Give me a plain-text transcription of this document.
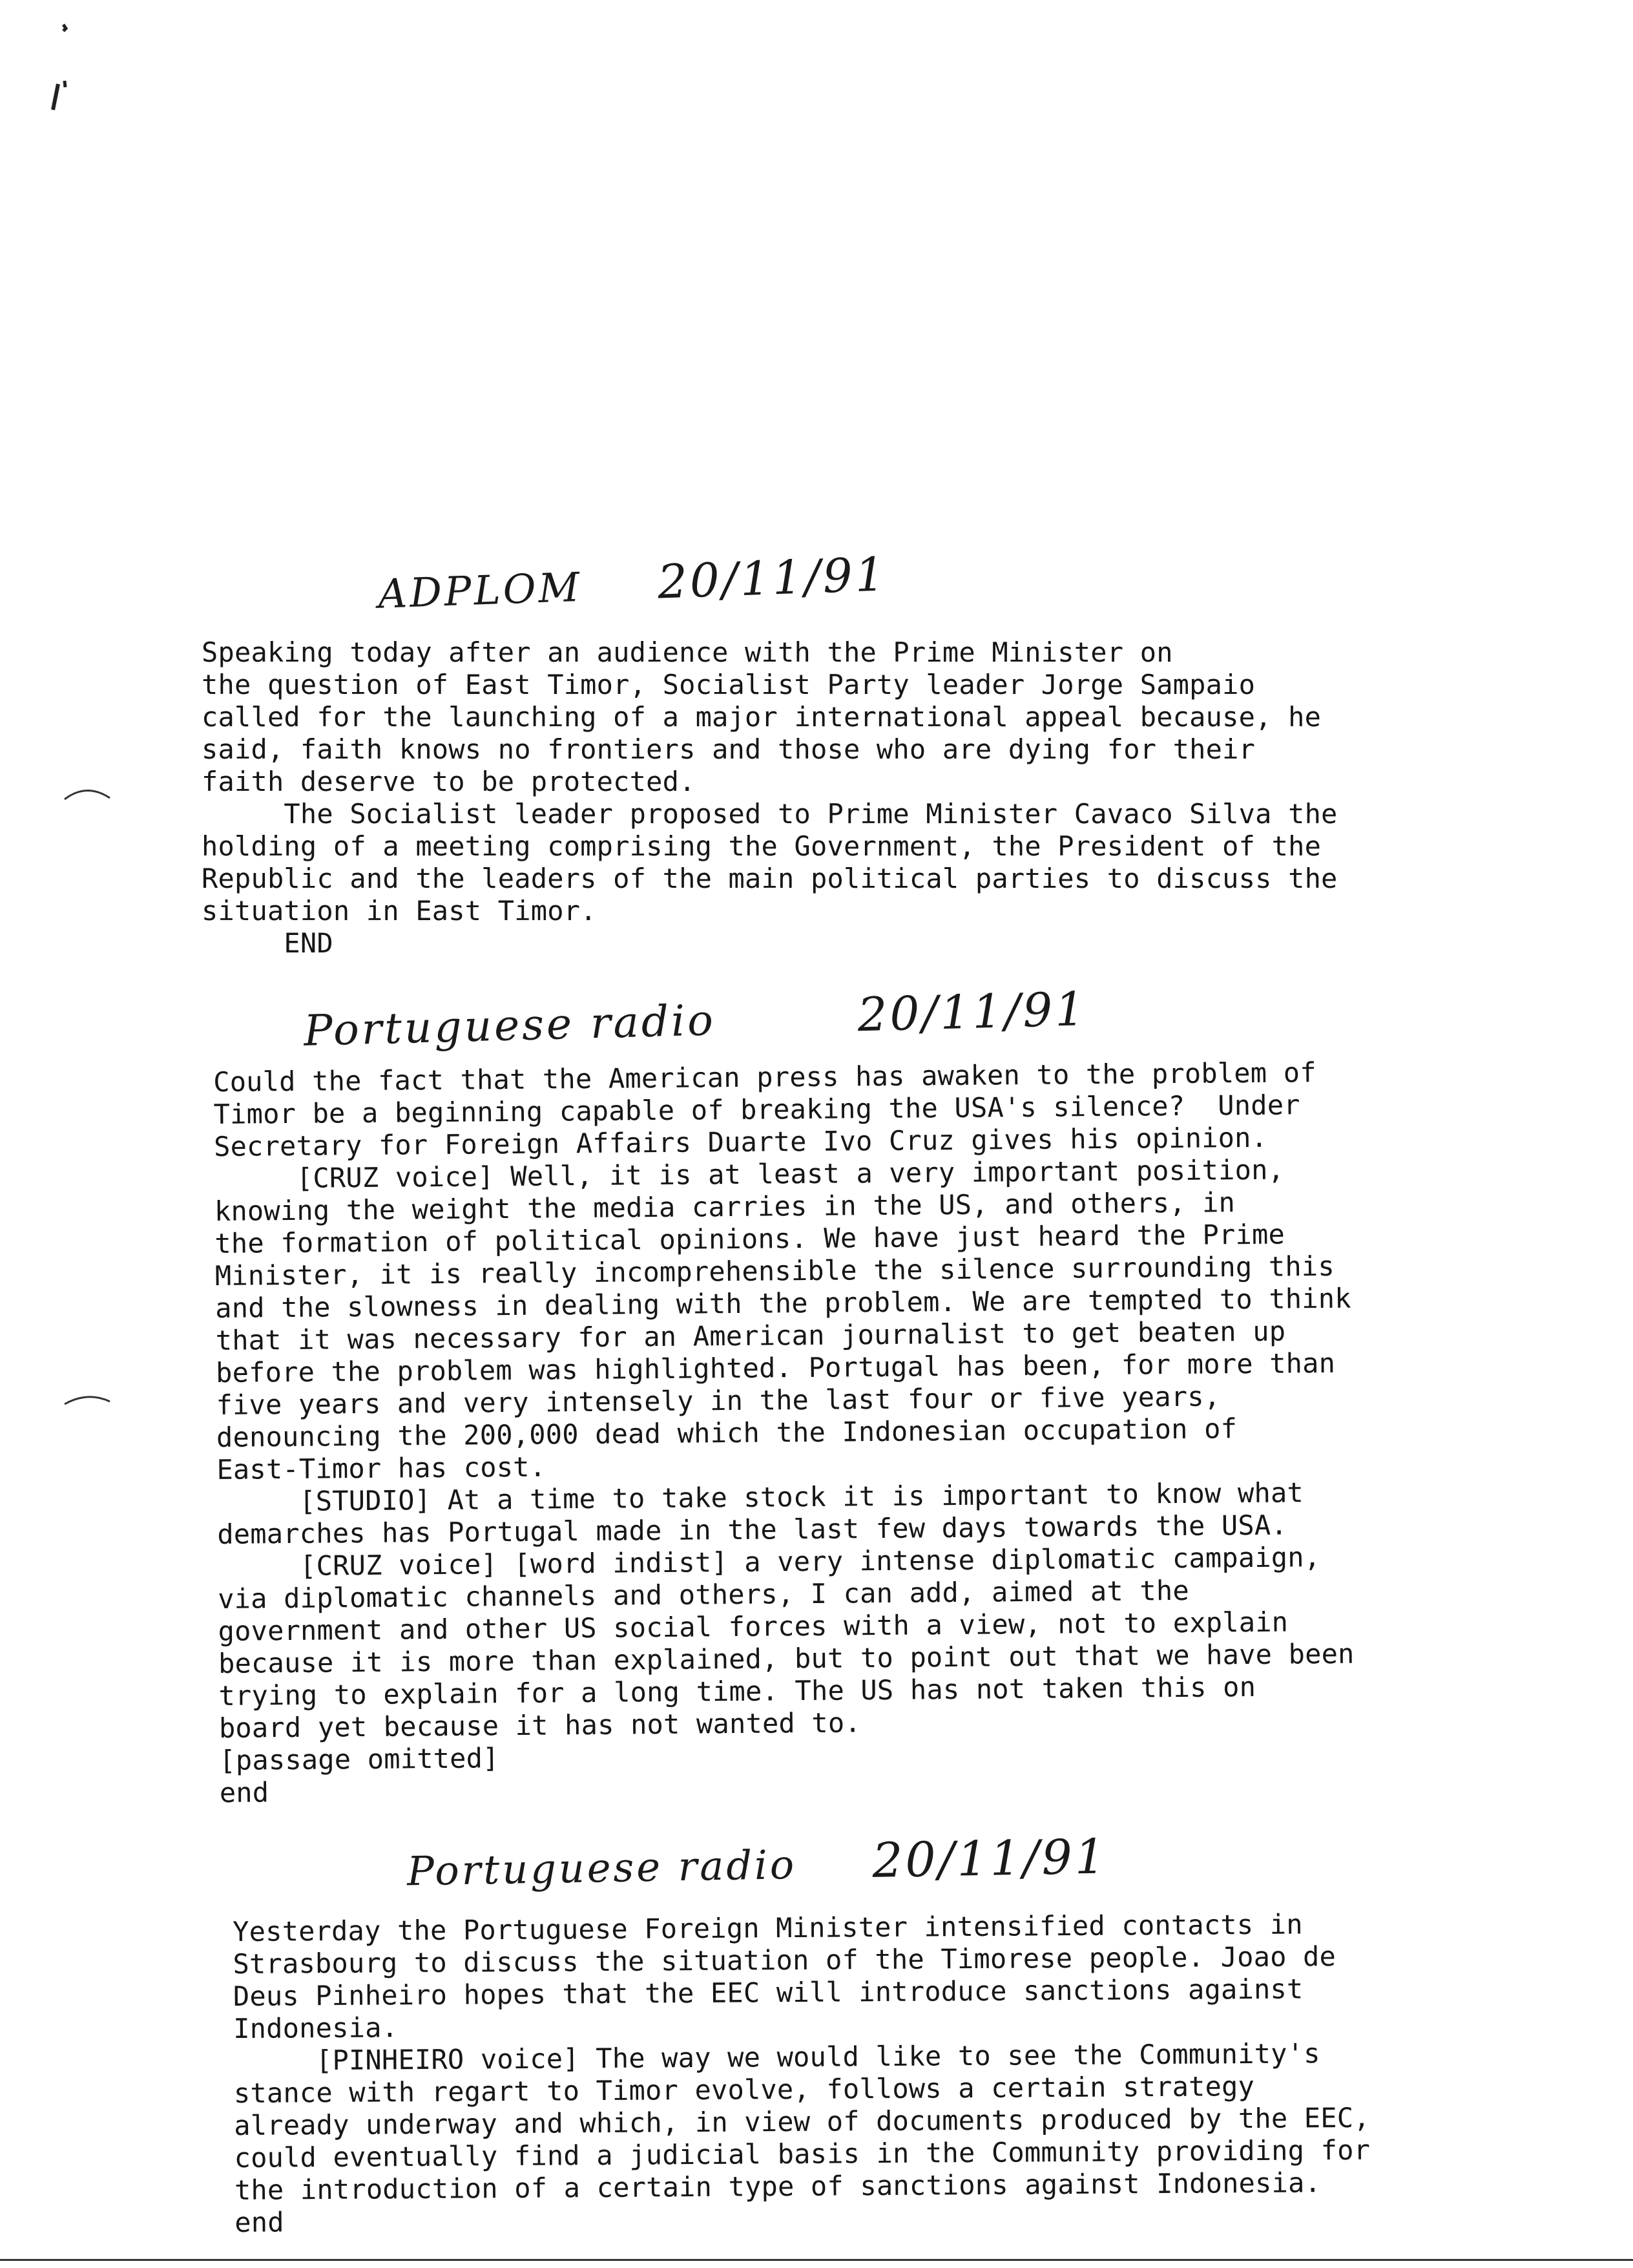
ADPLOM 20/11/91
Speaking today after an audience with the Prime Minister on
the question of East Timor, Socialist Party leader Jorge Sampaio
called for the launching of a major international appeal because, he
said, faith knows no frontiers and those who are dying for their
faith deserve to be protected.
The Socialist leader proposed to Prime Minister Cavaco Silva the
holding of a meeting comprising the Government, the President of the
Republic and the leaders of the main political parties to discuss the
situation in East Timor.
END
Portuguese radio	20/11/91
Could the fact that the American press has awaken to the problem of
Timor be a beginning capable of breaking the USA's silence?  Under
Secretary for Foreign Affairs Duarte Ivo Cruz gives his opinion.
[CRUZ voice] Well, it is at least a very important position,
knowing the weight the media carries in the US, and others, in
the formation of political opinions. We have just heard the Prime
Minister, it is really incomprehensible the silence surrounding this
and the slowness in dealing with the problem. We are tempted to think
that it was necessary for an American journalist to get beaten up
before the problem was highlighted. Portugal has been, for more than
five years and very intensely in the last four or five years,
denouncing the 200,000 dead which the Indonesian occupation of
East-Timor has cost.
[STUDIO] At a time to take stock it is important to know what
demarches has Portugal made in the last few days towards the USA.
[CRUZ voice] [word indist] a very intense diplomatic campaign,
via diplomatic channels and others, I can add, aimed at the
government and other US social forces with a view, not to explain
because it is more than explained, but to point out that we have been
trying to explain for a long time. The US has not taken this on
board yet because it has not wanted to.
[passage omitted]
end
Portuguese radio 20/11/91
Yesterday the Portuguese Foreign Minister intensified contacts in
Strasbourg to discuss the situation of the Timorese people. Joao de
Deus Pinheiro hopes that the EEC will introduce sanctions against
Indonesia.
[PINHEIRO voice] The way we would like to see the Community's
stance with regart to Timor evolve, follows a certain strategy
already underway and which, in view of documents produced by the EEC,
could eventually find a judicial basis in the Community providing for
the introduction of a certain type of sanctions against Indonesia.
end
